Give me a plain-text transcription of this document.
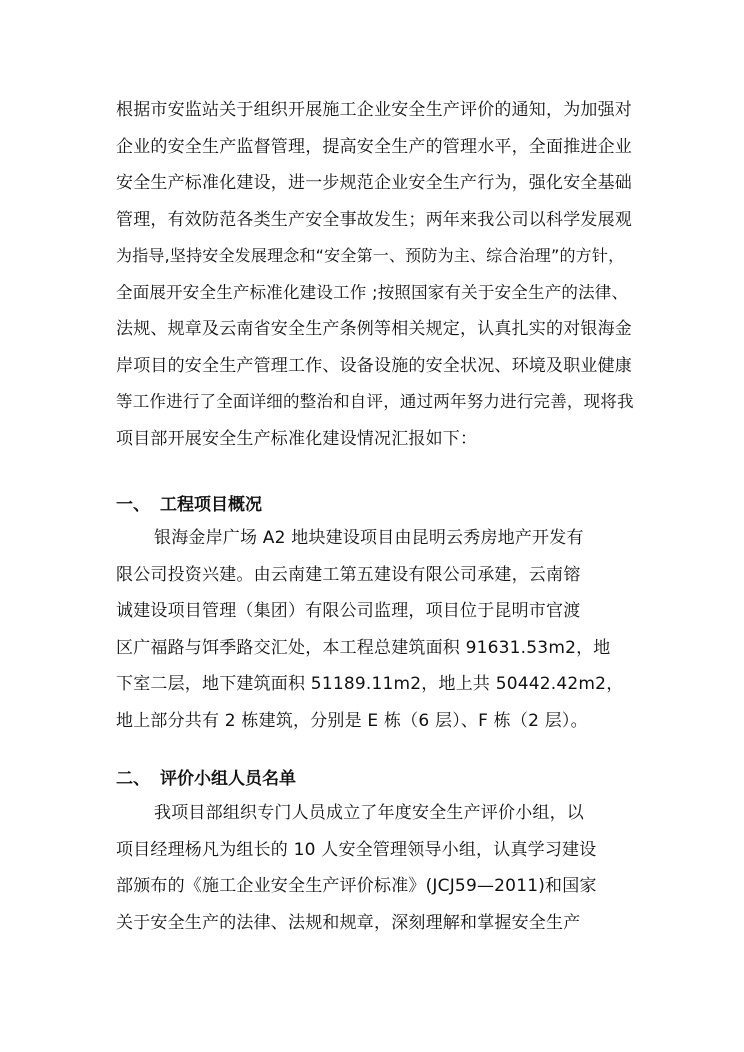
根据市安监站关于组织开展施工企业安全生产评价的通知，为加强对
企业的安全生产监督管理，提高安全生产的管理水平，全面推进企业
安全生产标准化建设，进一步规范企业安全生产行为，强化安全基础
管理，有效防范各类生产安全事故发生；两年来我公司以科学发展观
为指导,坚持安全发展理念和“安全第一、预防为主、综合治理”的方针，
全面展开安全生产标准化建设工作 ;按照国家有关于安全生产的法律、
法规、规章及云南省安全生产条例等相关规定，认真扎实的对银海金
岸项目的安全生产管理工作、设备设施的安全状况、环境及职业健康
等工作进行了全面详细的整治和自评，通过两年努力进行完善，现将我
项目部开展安全生产标准化建设情况汇报如下：
一、 工程项目概况
银海金岸广场 A2 地块建设项目由昆明云秀房地产开发有
限公司投资兴建。由云南建工第五建设有限公司承建，云南镕
诚建设项目管理（集团）有限公司监理，项目位于昆明市官渡
区广福路与饵季路交汇处，本工程总建筑面积 91631.53m2，地
下室二层，地下建筑面积 51189.11m2，地上共 50442.42m2，
地上部分共有 2 栋建筑，分别是 E 栋（6 层）、F 栋（2 层）。
二、 评价小组人员名单
我项目部组织专门人员成立了年度安全生产评价小组，以
项目经理杨凡为组长的 10 人安全管理领导小组，认真学习建设
部颁布的《施工企业安全生产评价标准》(JCJ59—2011)和国家
关于安全生产的法律、法规和规章，深刻理解和掌握安全生产
